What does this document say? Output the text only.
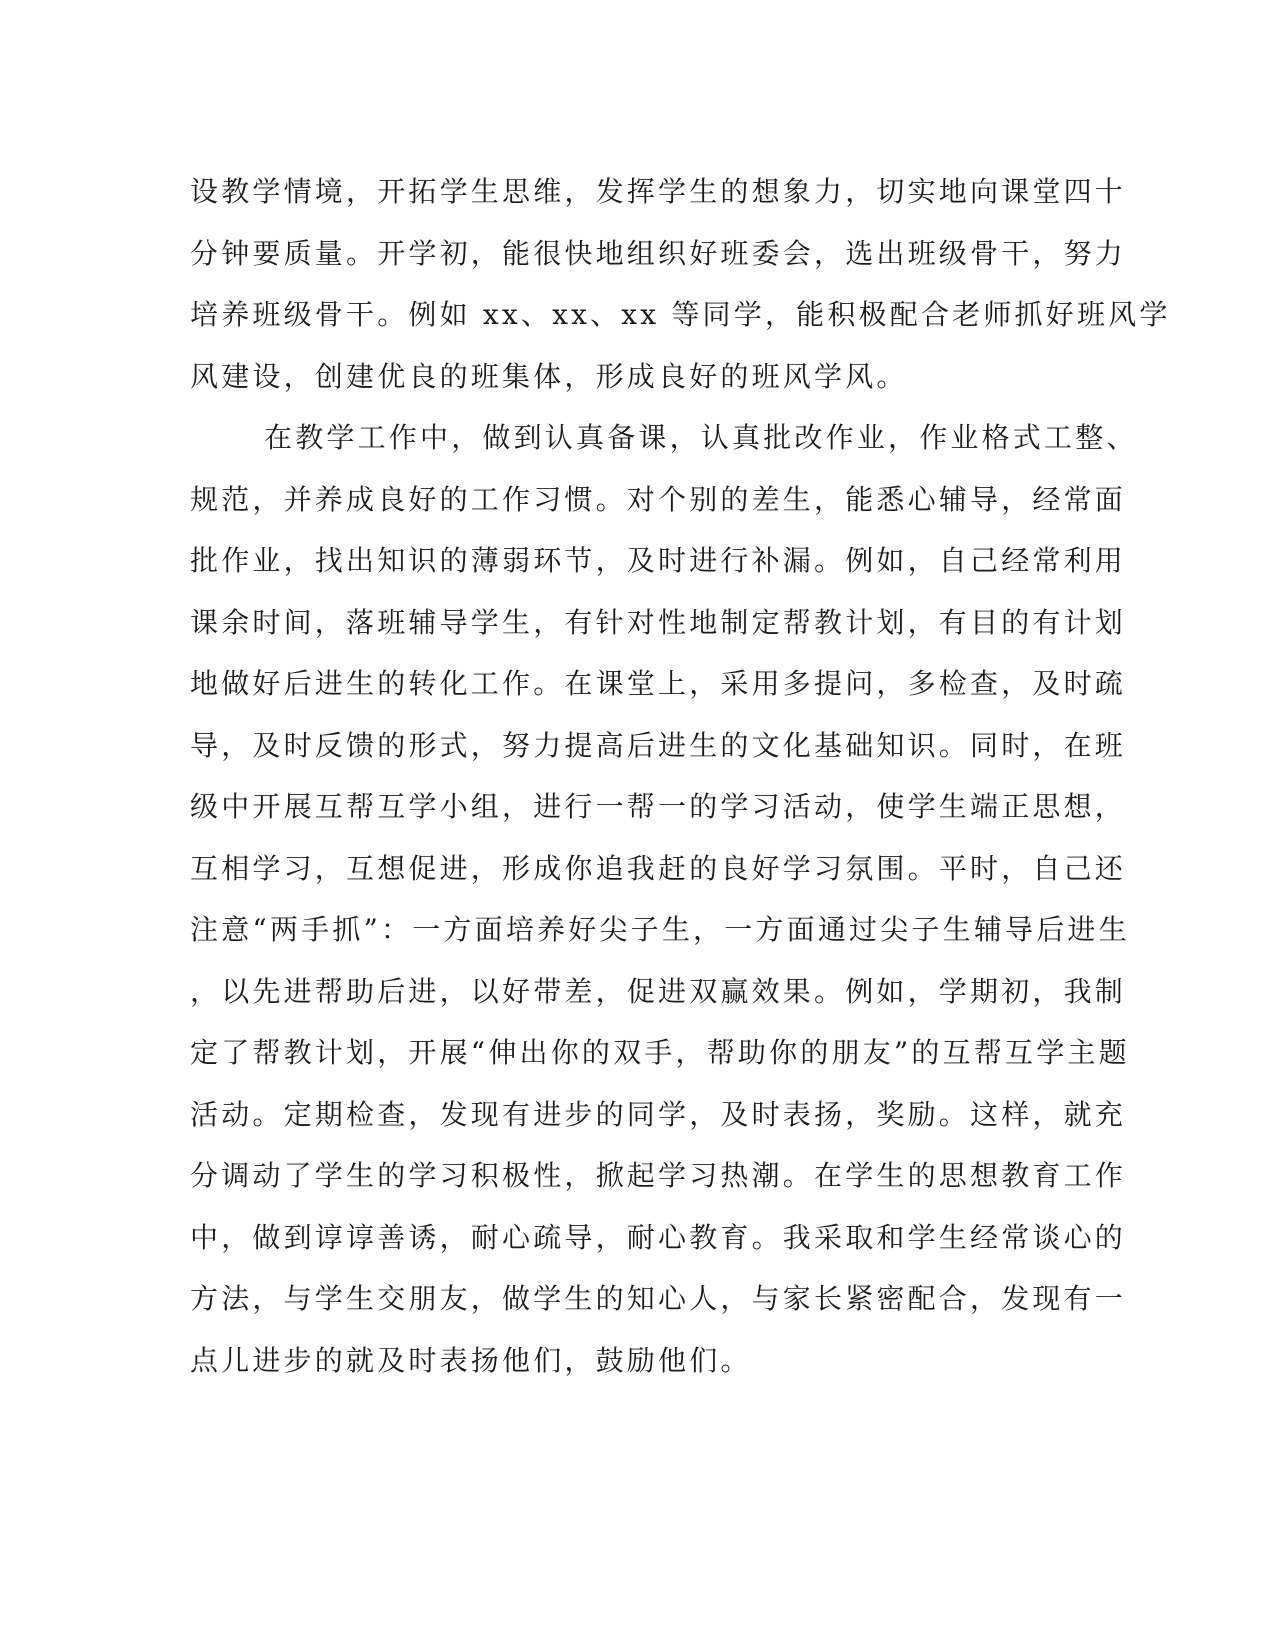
设教学情境，开拓学生思维，发挥学生的想象力，切实地向课堂四十
分钟要质量。开学初，能很快地组织好班委会，选出班级骨干，努力
培养班级骨干。例如 xx、xx、xx 等同学，能积极配合老师抓好班风学
风建设，创建优良的班集体，形成良好的班风学风。
在教学工作中，做到认真备课，认真批改作业，作业格式工整、
规范，并养成良好的工作习惯。对个别的差生，能悉心辅导，经常面
批作业，找出知识的薄弱环节，及时进行补漏。例如，自己经常利用
课余时间，落班辅导学生，有针对性地制定帮教计划，有目的有计划
地做好后进生的转化工作。在课堂上，采用多提问，多检查，及时疏
导，及时反馈的形式，努力提高后进生的文化基础知识。同时，在班
级中开展互帮互学小组，进行一帮一的学习活动，使学生端正思想，
互相学习，互想促进，形成你追我赶的良好学习氛围。平时，自己还
注意“两手抓”：一方面培养好尖子生，一方面通过尖子生辅导后进生
，以先进帮助后进，以好带差，促进双赢效果。例如，学期初，我制
定了帮教计划，开展“伸出你的双手，帮助你的朋友”的互帮互学主题
活动。定期检查，发现有进步的同学，及时表扬，奖励。这样，就充
分调动了学生的学习积极性，掀起学习热潮。在学生的思想教育工作
中，做到谆谆善诱，耐心疏导，耐心教育。我采取和学生经常谈心的
方法，与学生交朋友，做学生的知心人，与家长紧密配合，发现有一
点儿进步的就及时表扬他们，鼓励他们。
